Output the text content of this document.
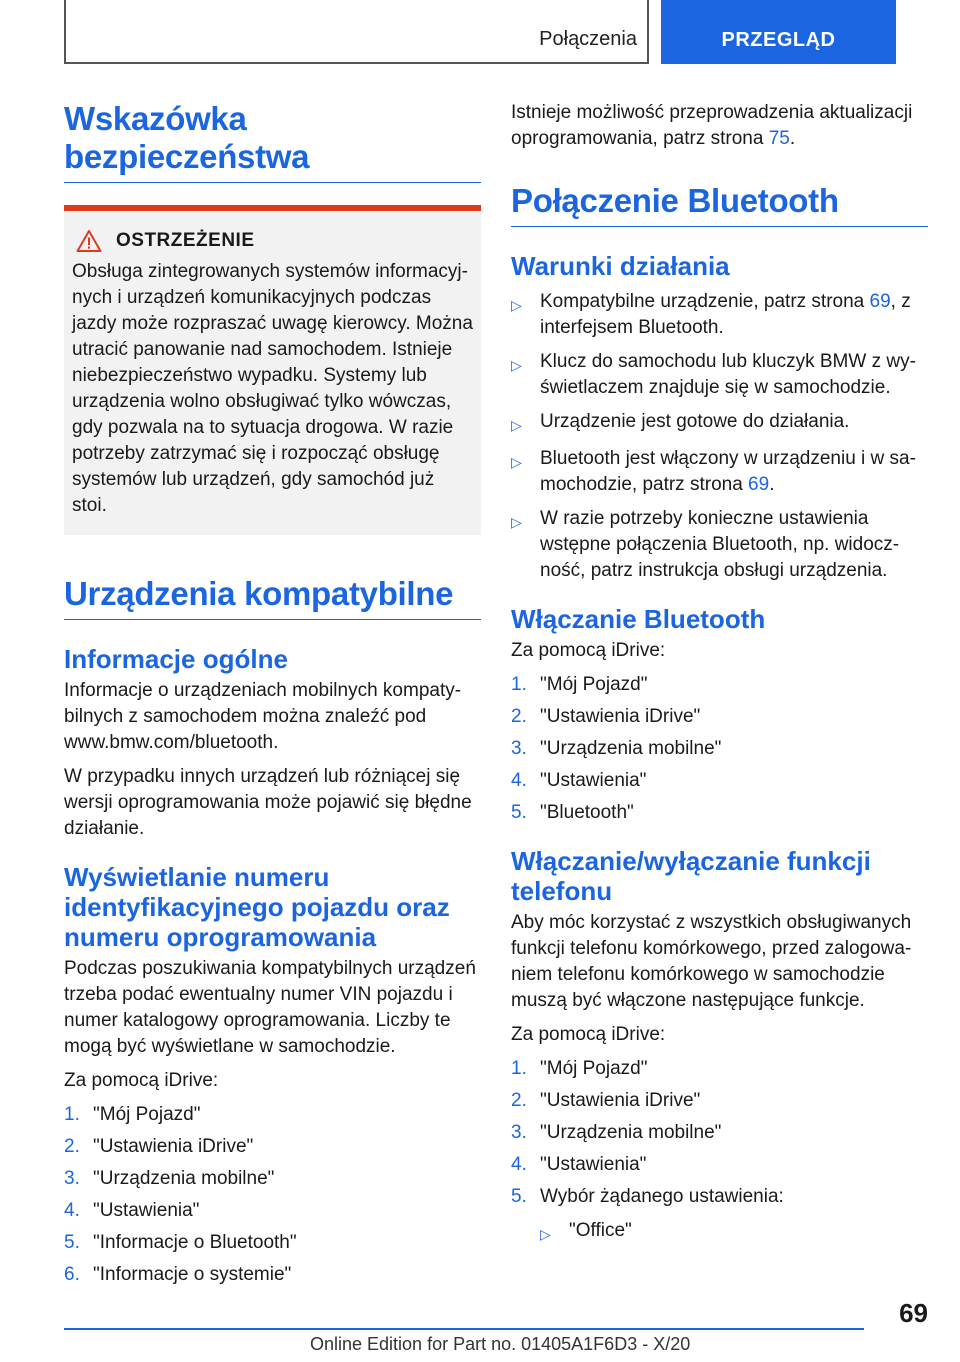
Połączenia	PRZEGLĄD
Wskazówka bezpieczeństwa
OSTRZEŻENIE

Obsługa zintegrowanych systemów informacyjnych i urządzeń komunikacyjnych podczas jazdy może rozpraszać uwagę kierowcy. Można utracić panowanie nad samochodem. Istnieje niebezpieczeństwo wypadku. Systemy lub urządzenia wolno obsługiwać tylko wówczas, gdy pozwala na to sytuacja drogowa. W razie potrzeby zatrzymać się i rozpocząć obsługę systemów lub urządzeń, gdy samochód już stoi.

Urządzenia kompatybilne
Informacje ogólne

Informacje o urządzeniach mobilnych kompatybilnych z samochodem można znaleźć pod www.bmw.com/bluetooth.

W przypadku innych urządzeń lub różniącej się wersji oprogramowania może pojawić się błędne działanie.

Wyświetlanie numeru identyfikacyjnego pojazdu oraz numeru oprogramowania

Podczas poszukiwania kompatybilnych urządzeń trzeba podać ewentualny numer VIN pojazdu i numer katalogowy oprogramowania. Liczby te mogą być wyświetlane w samochodzie.

Za pomocą iDrive:

1. "Mój Pojazd"
2. "Ustawienia iDrive"
3. "Urządzenia mobilne"
4. "Ustawienia"
5. "Informacje o Bluetooth"
6. "Informacje o systemie"

Istnieje możliwość przeprowadzenia aktualizacji oprogramowania, patrz strona 75.

Połączenie Bluetooth
Warunki działania
▷ Kompatybilne urządzenie, patrz strona 69, z interfejsem Bluetooth.
▷ Klucz do samochodu lub kluczyk BMW z wyświetlaczem znajduje się w samochodzie.
▷ Urządzenie jest gotowe do działania.
▷ Bluetooth jest włączony w urządzeniu i w samochodzie, patrz strona 69.
▷ W razie potrzeby konieczne ustawienia wstępne połączenia Bluetooth, np. widoczność, patrz instrukcja obsługi urządzenia.
Włączanie Bluetooth

Za pomocą iDrive:

1. "Mój Pojazd"
2. "Ustawienia iDrive"
3. "Urządzenia mobilne"
4. "Ustawienia"
5. "Bluetooth"
Włączanie/wyłączanie funkcji telefonu

Aby móc korzystać z wszystkich obsługiwanych funkcji telefonu komórkowego, przed zalogowaniem telefonu komórkowego w samochodzie muszą być włączone następujące funkcje.

Za pomocą iDrive:

1. "Mój Pojazd"
2. "Ustawienia iDrive"
3. "Urządzenia mobilne"
4. "Ustawienia"
5. Wybór żądanego ustawienia:
▷ "Office"
69
Online Edition for Part no. 01405A1F6D3 - X/20
